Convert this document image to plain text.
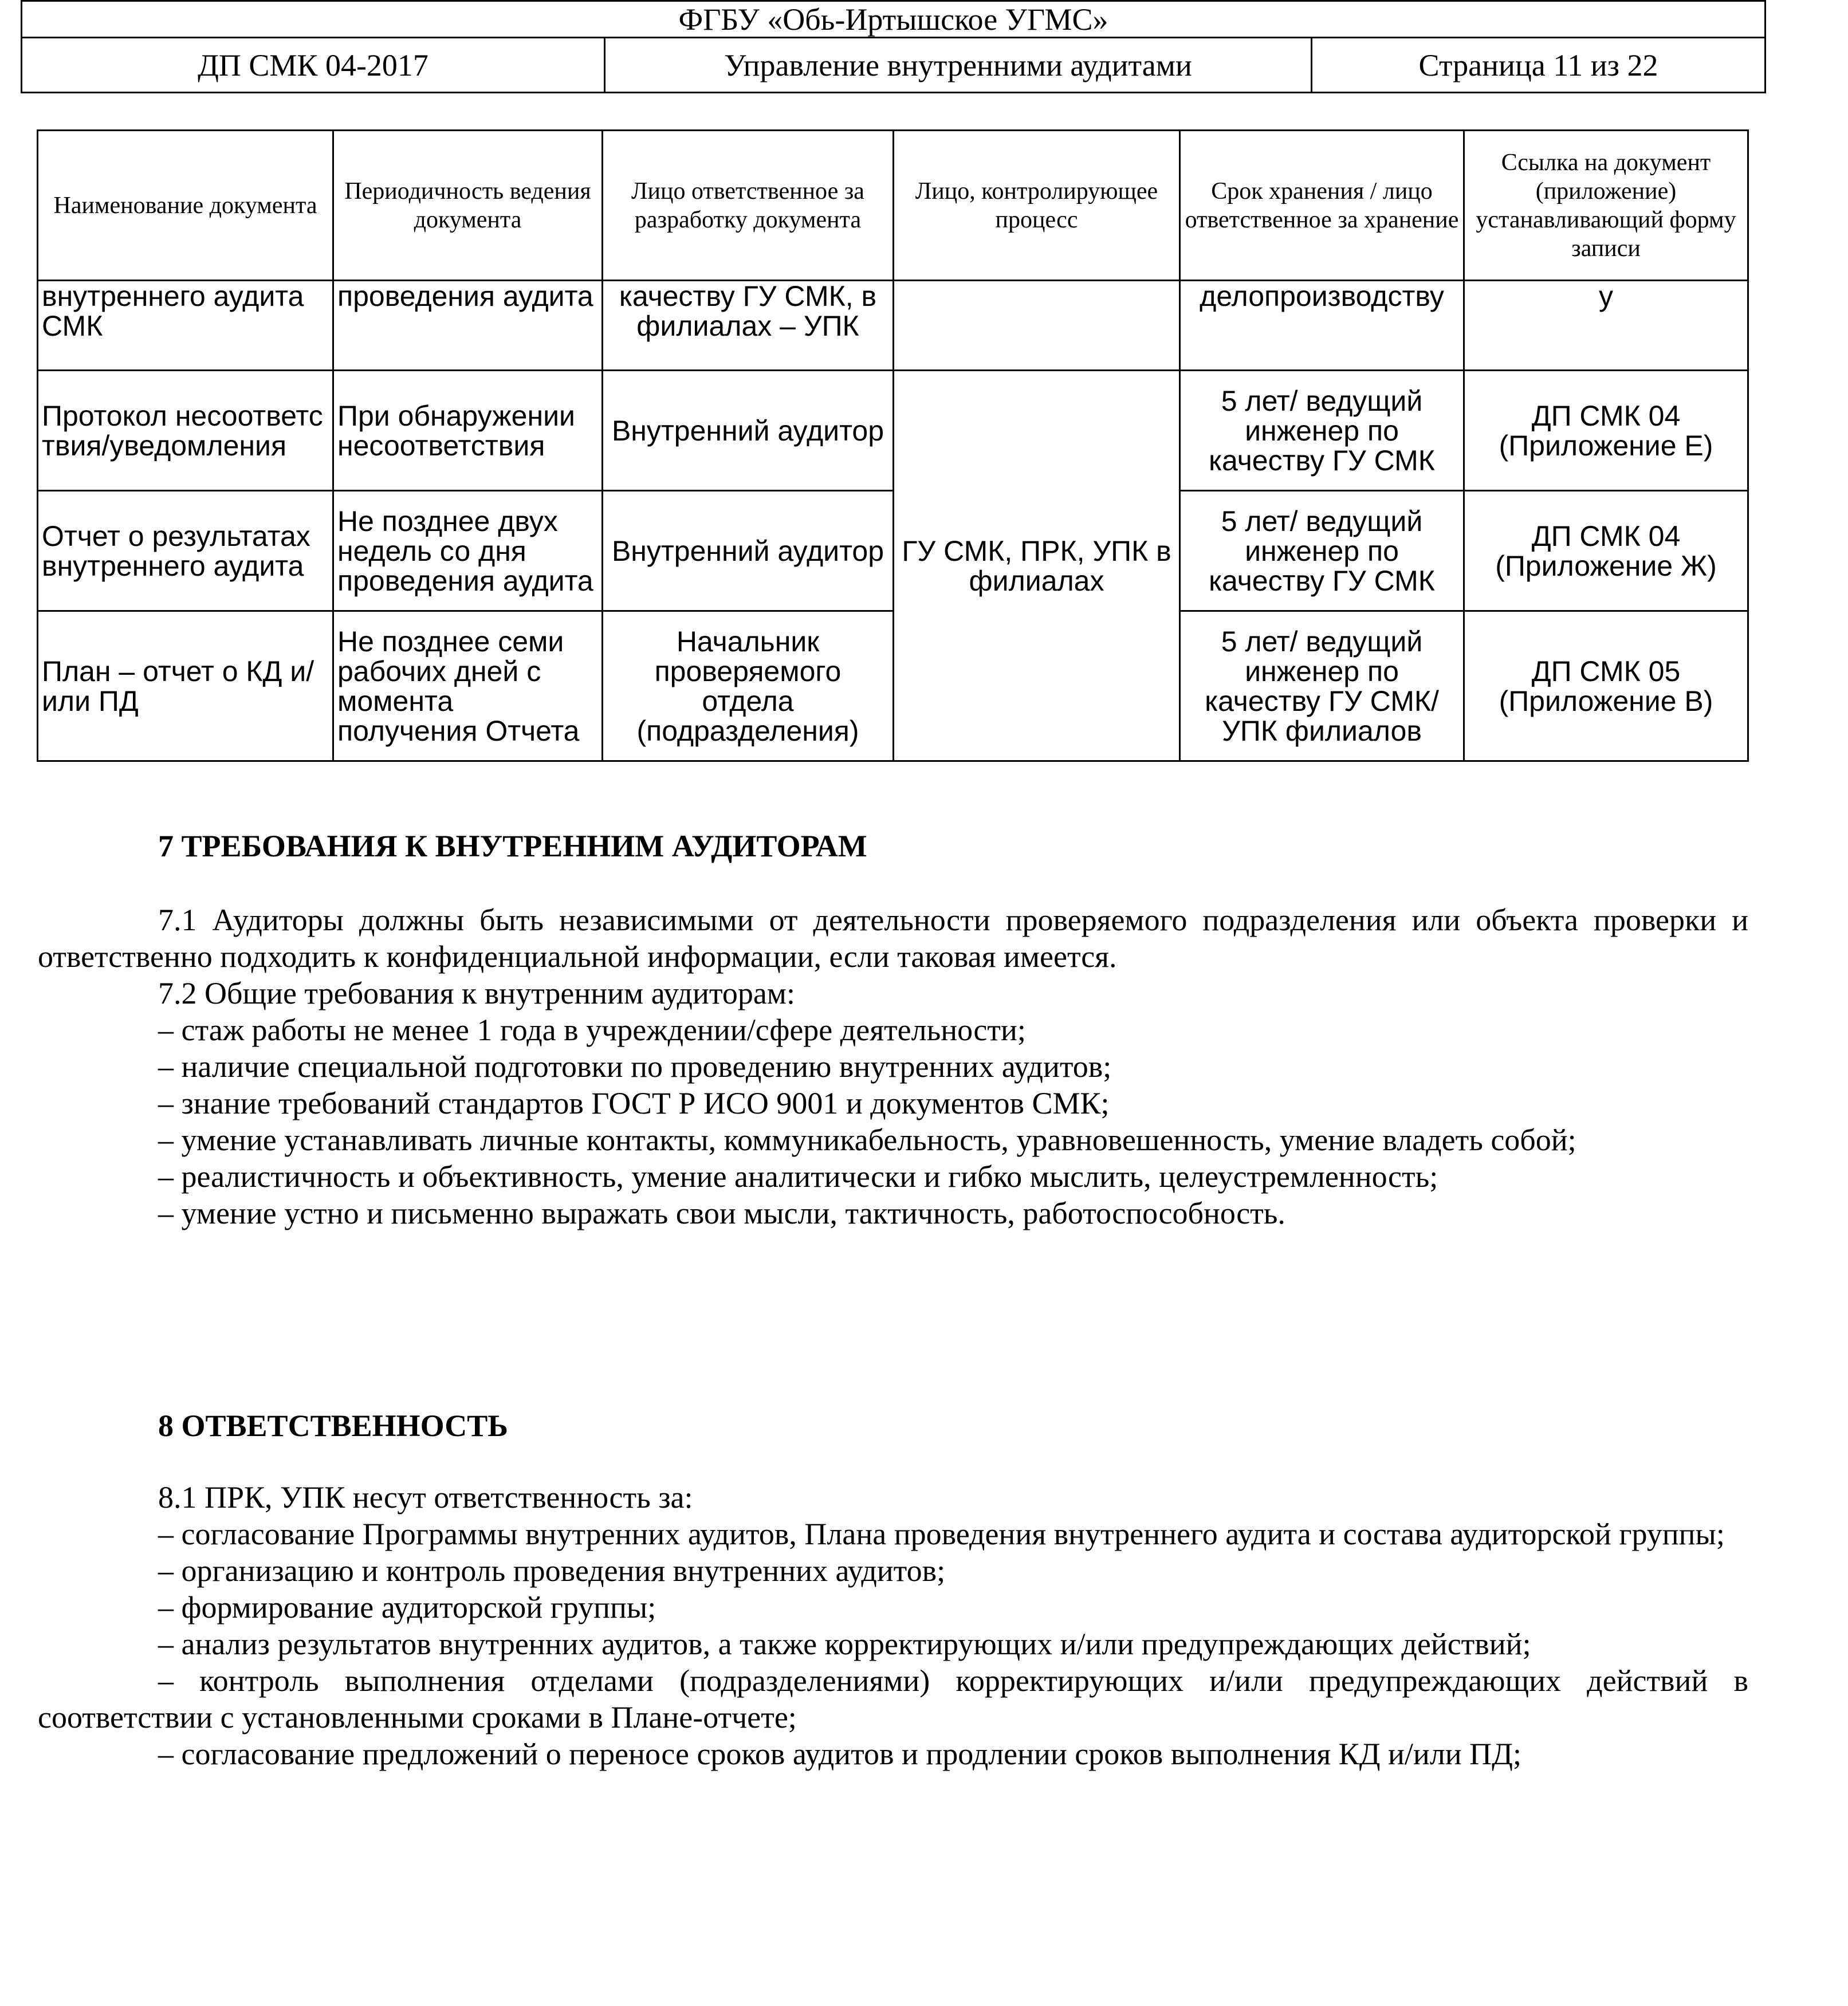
ФГБУ «Обь-Иртышское УГМС»
ДП СМК 04-2017	Управление внутренними аудитами	Страница 11 из 22
Наименование документа	Периодичность ведения документа	Лицо ответственное за разработку документа	Лицо, контролирующее процесс	Срок хранения / лицо ответственное за хранение	Ссылка на документ (приложение) устанавливающий форму записи
внутреннего аудита СМК	проведения аудита	качеству ГУ СМК, в филиалах – УПК		делопроизводству	у
Протокол несоответствия/уведомления	При обнаружении несоответствия	Внутренний аудитор	ГУ СМК, ПРК, УПК в филиалах	5 лет/ ведущий инженер по качеству ГУ СМК	ДП СМК 04 (Приложение Е)
Отчет о результатах внутреннего аудита	Не позднее двух недель со дня проведения аудита	Внутренний аудитор		5 лет/ ведущий инженер по качеству ГУ СМК	ДП СМК 04 (Приложение Ж)
План – отчет о КД и/или ПД	Не позднее семи рабочих дней с момента получения Отчета	Начальник проверяемого отдела (подразделения)		5 лет/ ведущий инженер по качеству ГУ СМК/УПК филиалов	ДП СМК 05 (Приложение В)
7 ТРЕБОВАНИЯ К ВНУТРЕННИМ АУДИТОРАМ

7.1 Аудиторы должны быть независимыми от деятельности проверяемого подразделения или объекта проверки и ответственно подходить к конфиденциальной информации, если таковая имеется.

7.2 Общие требования к внутренним аудиторам:

– стаж работы не менее 1 года в учреждении/сфере деятельности;

– наличие специальной подготовки по проведению внутренних аудитов;

– знание требований стандартов ГОСТ Р ИСО 9001 и документов СМК;

– умение устанавливать личные контакты, коммуникабельность, уравновешенность, умение владеть собой;

– реалистичность и объективность, умение аналитически и гибко мыслить, целеустремленность;

– умение устно и письменно выражать свои мысли, тактичность, работоспособность.

8 ОТВЕТСТВЕННОСТЬ

8.1 ПРК, УПК несут ответственность за:

– согласование Программы внутренних аудитов, Плана проведения внутреннего аудита и состава аудиторской группы;

– организацию и контроль проведения внутренних аудитов;

– формирование аудиторской группы;

– анализ результатов внутренних аудитов, а также корректирующих и/или предупреждающих действий;

– контроль выполнения отделами (подразделениями) корректирующих и/или предупреждающих действий в соответствии с установленными сроками в Плане-отчете;

– согласование предложений о переносе сроков аудитов и продлении сроков выполнения КД и/или ПД;
